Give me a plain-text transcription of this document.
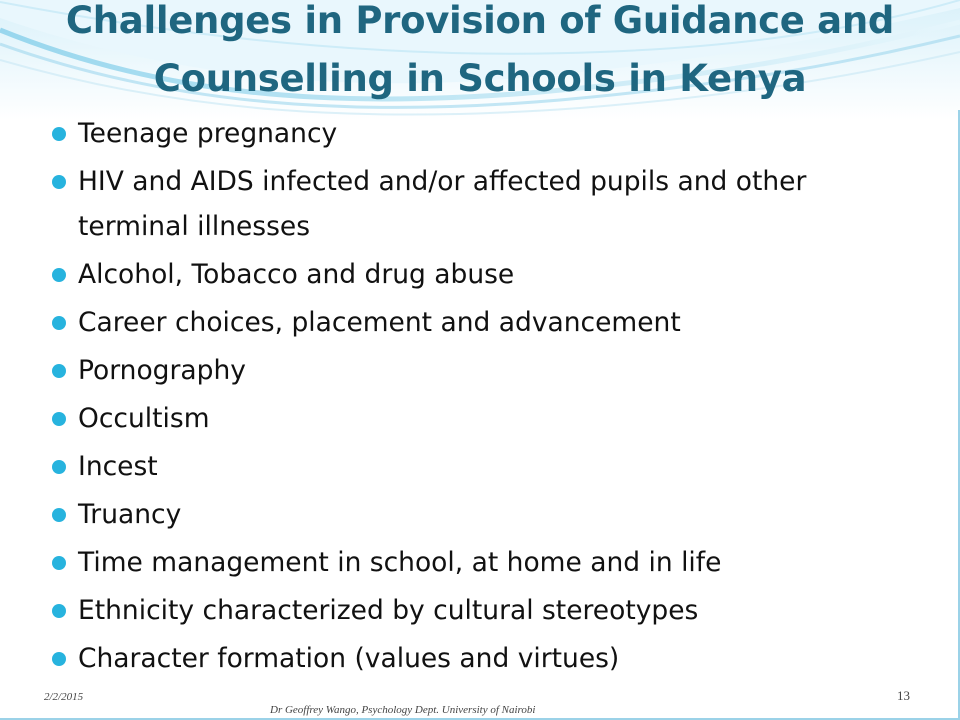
Challenges in Provision of Guidance and
Counselling in Schools in Kenya
Teenage pregnancy
HIV and AIDS infected and/or affected pupils and other terminal illnesses
Alcohol, Tobacco and drug abuse
Career choices, placement and advancement
Pornography
Occultism
Incest
Truancy
Time management in school, at home and in life
Ethnicity characterized by cultural stereotypes
Character formation (values and virtues)
2/2/2015
Dr Geoffrey Wango, Psychology Dept. University of Nairobi
13
